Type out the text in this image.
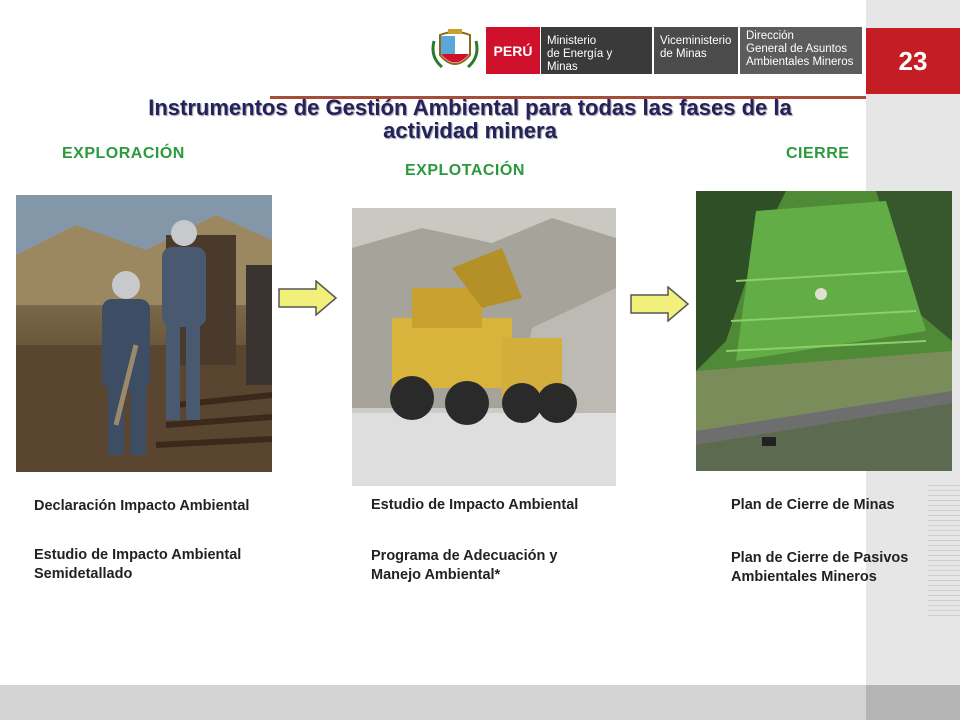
23
PERÚ
Ministerio
de Energía y Minas
Viceministerio
de Minas
Dirección
General de Asuntos
Ambientales Mineros
Instrumentos de Gestión Ambiental para todas las fases de la
actividad minera
EXPLORACIÓN
EXPLOTACIÓN
CIERRE
Declaración Impacto Ambiental
Estudio de Impacto Ambiental Semidetallado
Estudio de Impacto Ambiental
Programa de Adecuación y Manejo Ambiental*
Plan de Cierre de Minas
Plan de Cierre de Pasivos Ambientales Mineros
